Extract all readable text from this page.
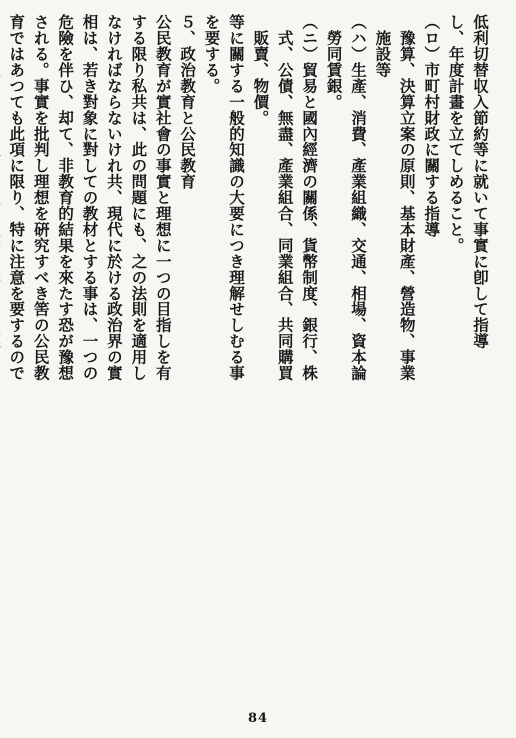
低利切替収入節約等に就いて事實に卽して指導
し、年度計畫を立てしめること。
（ロ）市町村財政に關する指導
　豫算、決算立案の原則、基本財產、營造物、事業
　施設等
（ハ）生產、消費、產業組織、交通、相場、資本論
　勞同賃銀。
（ニ）貿易と國內經濟の關係、貨幣制度、銀行、株
　式、公債、無盡、產業組合、同業組合、共同購買
　販賣、物價。
等に關する一般的知識の大要につき理解せしむる事
を要する。
５、政治教育と公民教育
公民教育が實社會の事實と理想に一つの目指しを有
する限り私共は、此の問題にも、之の法則を適用し
なければならないけれ共、現代に於ける政治界の實
相は、若き對象に對しての教材とする事は、一つの
危險を伴ひ、却て、非教育的結果を來たす恐が豫想
される。事實を批判し理想を硏究すべき筈の公民教
育ではあつても此項に限り、特に注意を要するので
84
